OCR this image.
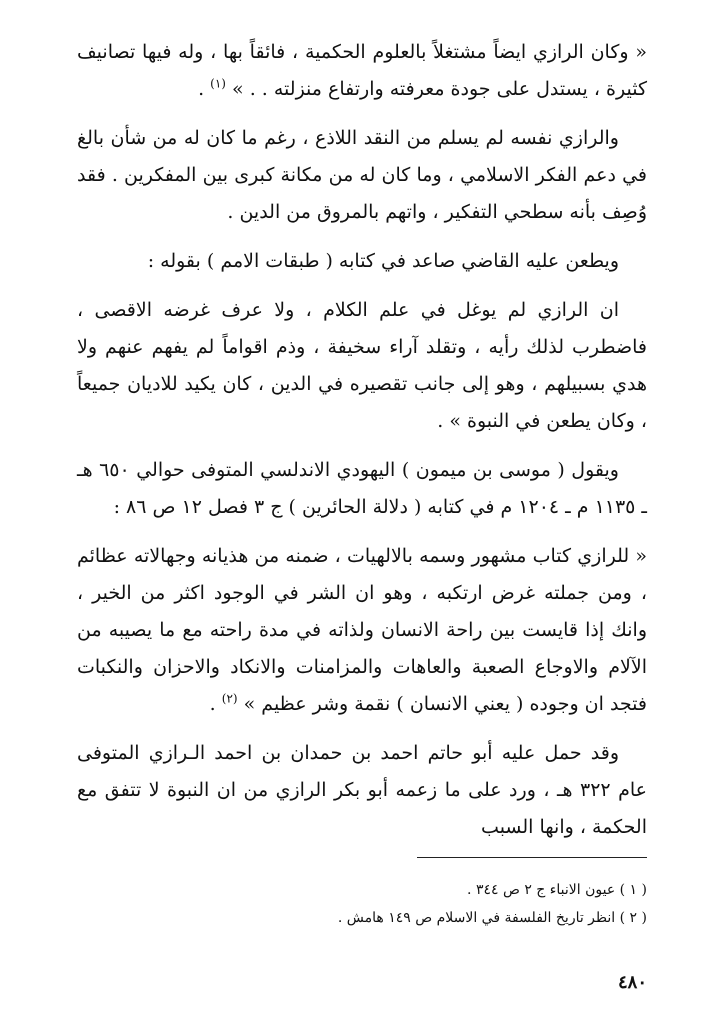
« وكان الرازي ايضاً مشتغلاً بالعلوم الحكمية ، فائقاً بها ، وله فيها تصانيف كثيرة ، يستدل على جودة معرفته وارتفاع منزلته . . » $^{(١)}$ .

والرازي نفسه لم يسلم من النقد اللاذع ، رغم ما كان له من شأن بالغ في دعم الفكر الاسلامي ، وما كان له من مكانة كبرى بين المفكرين . فقد وُصِف بأنه سطحي التفكير ، واتهم بالمروق من الدين .

ويطعن عليه القاضي صاعد في كتابه ( طبقات الامم ) بقوله :

ان الرازي لم يوغل في علم الكلام ، ولا عرف غرضه الاقصى ، فاضطرب لذلك رأيه ، وتقلد آراء سخيفة ، وذم اقواماً لم يفهم عنهم ولا هدي بسبيلهم ، وهو إلى جانب تقصيره في الدين ، كان يكيد للاديان جميعاً ، وكان يطعن في النبوة » .

ويقول ( موسى بن ميمون ) اليهودي الاندلسي المتوفى حوالي ٦٥٠ هـ ـ ١١٣٥ م ـ ١٢٠٤ م في كتابه ( دلالة الحائرين ) ج ٣ فصل ١٢ ص ٨٦ :

« للرازي كتاب مشهور وسمه بالالهيات ، ضمنه من هذيانه وجهالاته عظائم ، ومن جملته غرض ارتكبه ، وهو ان الشر في الوجود اكثر من الخير ، وانك إذا قايست بين راحة الانسان ولذاته في مدة راحته مع ما يصيبه من الآلام والاوجاع الصعبة والعاهات والمزامنات والانكاد والاحزان والنكبات فتجد ان وجوده ( يعني الانسان ) نقمة وشر عظيم » $^{(٢)}$ .

وقد حمل عليه أبو حاتم احمد بن حمدان بن احمد الـرازي المتوفى عام ٣٢٢ هـ ، ورد على ما زعمه أبو بكر الرازي من ان النبوة لا تتفق مع الحكمة ، وانها السبب

( ١ ) عيون الانباء ج ٢ ص ٣٤٤ .

( ٢ ) انظر تاريخ الفلسفة في الاسلام ص ١٤٩ هامش .

٤٨٠
